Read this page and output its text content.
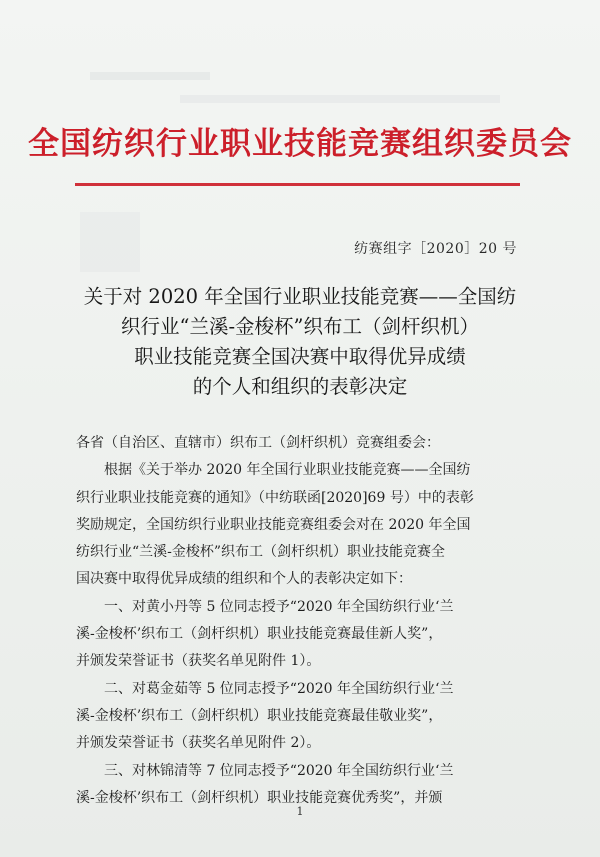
全国纺织行业职业技能竞赛组织委员会
纺赛组字［2020］20 号
关于对 2020 年全国行业职业技能竞赛——全国纺
织行业“兰溪-金梭杯”织布工（剑杆织机）
职业技能竞赛全国决赛中取得优异成绩
的个人和组织的表彰决定
各省（自治区、直辖市）织布工（剑杆织机）竞赛组委会：
根据《关于举办 2020 年全国行业职业技能竞赛——全国纺
织行业职业技能竞赛的通知》（中纺联函[2020]69 号）中的表彰
奖励规定，全国纺织行业职业技能竞赛组委会对在 2020 年全国
纺织行业“兰溪-金梭杯”织布工（剑杆织机）职业技能竞赛全
国决赛中取得优异成绩的组织和个人的表彰决定如下：
一、对黄小丹等 5 位同志授予“2020 年全国纺织行业‘兰
溪-金梭杯’织布工（剑杆织机）职业技能竞赛最佳新人奖”，
并颁发荣誉证书（获奖名单见附件 1）。
二、对葛金茹等 5 位同志授予“2020 年全国纺织行业‘兰
溪-金梭杯’织布工（剑杆织机）职业技能竞赛最佳敬业奖”，
并颁发荣誉证书（获奖名单见附件 2）。
三、对林锦清等 7 位同志授予“2020 年全国纺织行业‘兰
溪-金梭杯’织布工（剑杆织机）职业技能竞赛优秀奖”，并颁
1
